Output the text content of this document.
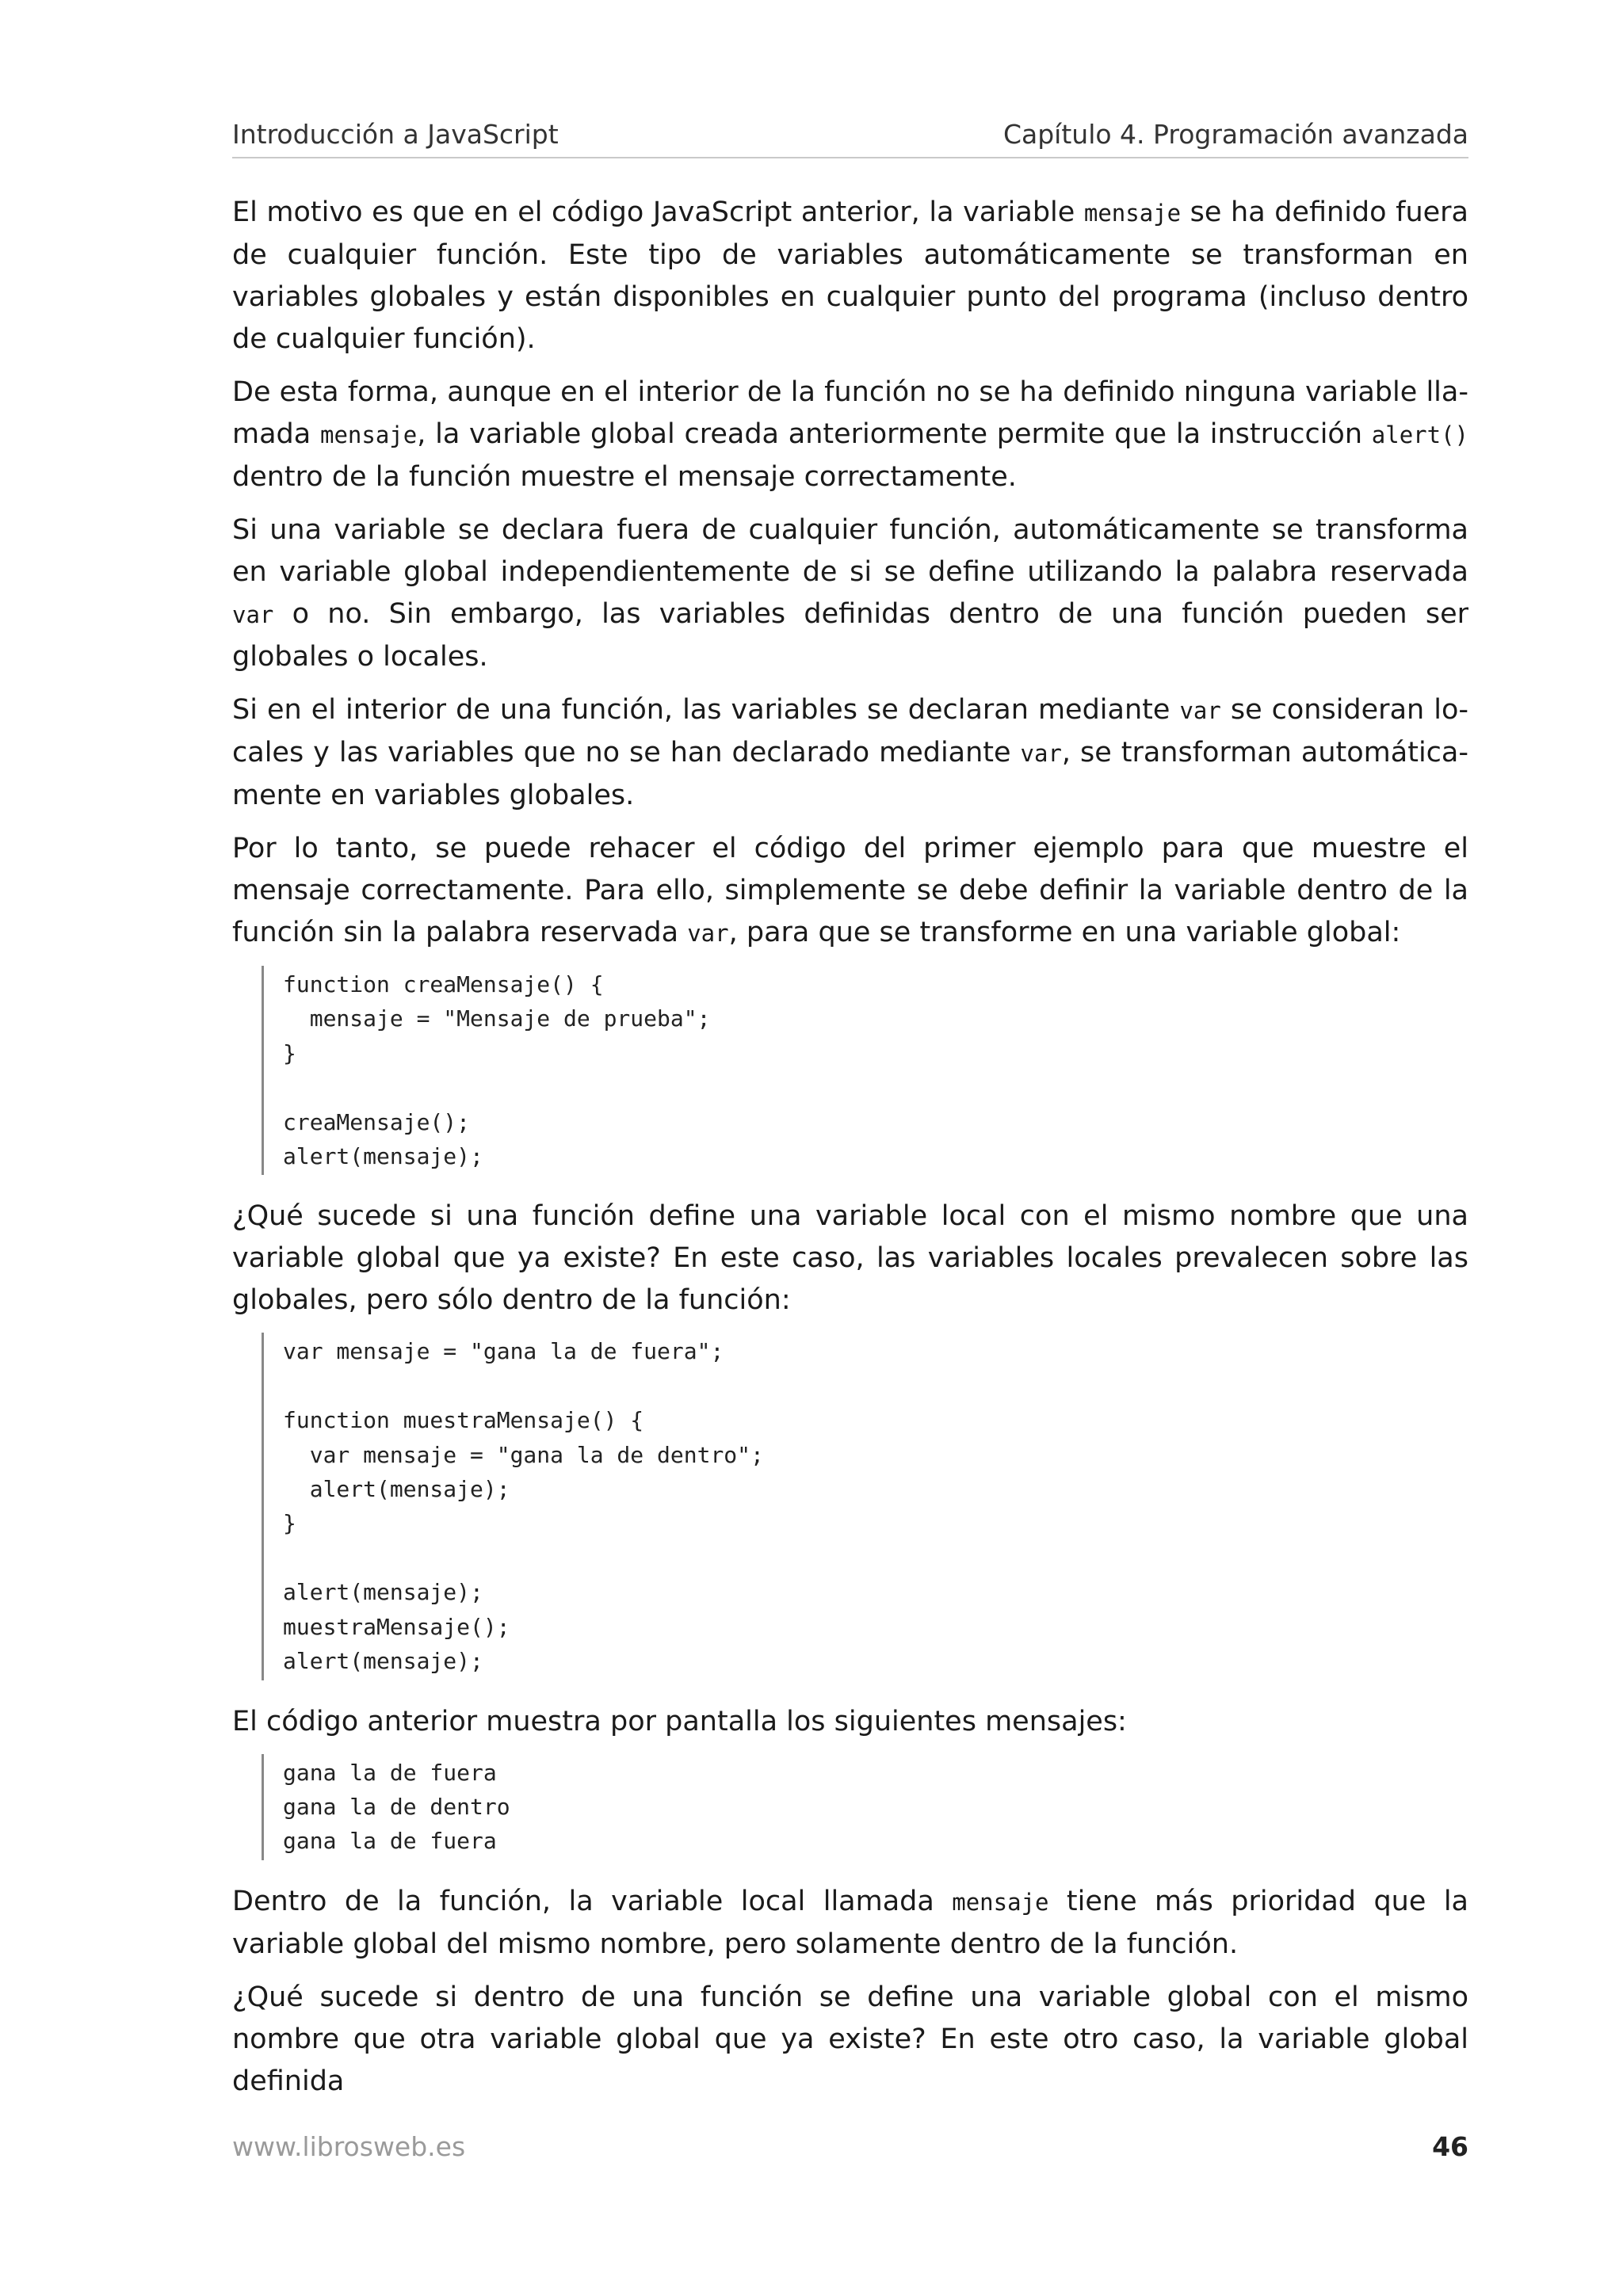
Introducción a JavaScript	Capítulo 4. Programación avanzada

El motivo es que en el código JavaScript anterior, la variable mensaje se ha definido fuera de cualquier función. Este tipo de variables automáticamente se transforman en variables globales y están disponibles en cualquier punto del programa (incluso dentro de cualquier función).

De esta forma, aunque en el interior de la función no se ha definido ninguna variable llamada mensaje, la variable global creada anteriormente permite que la instrucción alert() dentro de la función muestre el mensaje correctamente.

Si una variable se declara fuera de cualquier función, automáticamente se transforma en variable global independientemente de si se define utilizando la palabra reservada var o no. Sin embargo, las variables definidas dentro de una función pueden ser globales o locales.

Si en el interior de una función, las variables se declaran mediante var se consideran locales y las variables que no se han declarado mediante var, se transforman automáticamente en variables globales.

Por lo tanto, se puede rehacer el código del primer ejemplo para que muestre el mensaje correctamente. Para ello, simplemente se debe definir la variable dentro de la función sin la palabra reservada var, para que se transforme en una variable global:

function creaMensaje() {
mensaje = "Mensaje de prueba";
}

creaMensaje();
alert(mensaje);

¿Qué sucede si una función define una variable local con el mismo nombre que una variable global que ya existe? En este caso, las variables locales prevalecen sobre las globales, pero sólo dentro de la función:

var mensaje = "gana la de fuera";

function muestraMensaje() {
var mensaje = "gana la de dentro";
alert(mensaje);
}

alert(mensaje);
muestraMensaje();
alert(mensaje);

El código anterior muestra por pantalla los siguientes mensajes:

gana la de fuera
gana la de dentro
gana la de fuera

Dentro de la función, la variable local llamada mensaje tiene más prioridad que la variable global del mismo nombre, pero solamente dentro de la función.

¿Qué sucede si dentro de una función se define una variable global con el mismo nombre que otra variable global que ya existe? En este otro caso, la variable global definida

www.librosweb.es	46
